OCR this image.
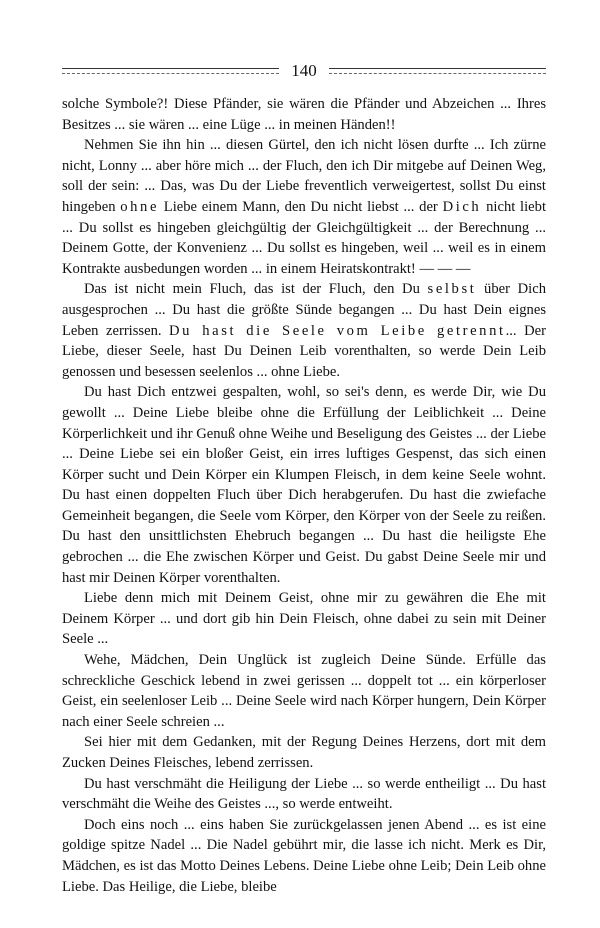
140

solche Symbole?! Diese Pfänder, sie wären die Pfänder und Abzeichen ... Ihres Besitzes ... sie wären ... eine Lüge ... in meinen Händen!!

Nehmen Sie ihn hin ... diesen Gürtel, den ich nicht lösen durfte ... Ich zürne nicht, Lonny ... aber höre mich ... der Fluch, den ich Dir mitgebe auf Deinen Weg, soll der sein: ... Das, was Du der Liebe freventlich verweigertest, sollst Du einst hingeben ohne Liebe einem Mann, den Du nicht liebst ... der Dich nicht liebt ... Du sollst es hingeben gleichgültig der Gleichgültigkeit ... der Berechnung ... Deinem Gotte, der Konvenienz ... Du sollst es hingeben, weil ... weil es in einem Kontrakte ausbedungen worden ... in einem Heiratskontrakt! — — —

Das ist nicht mein Fluch, das ist der Fluch, den Du selbst über Dich ausgesprochen ... Du hast die größte Sünde begangen ... Du hast Dein eignes Leben zerrissen. Du hast die Seele vom Leibe getrennt... Der Liebe, dieser Seele, hast Du Deinen Leib vorenthalten, so werde Dein Leib genossen und besessen seelenlos ... ohne Liebe.

Du hast Dich entzwei gespalten, wohl, so sei's denn, es werde Dir, wie Du gewollt ... Deine Liebe bleibe ohne die Erfüllung der Leiblichkeit ... Deine Körperlichkeit und ihr Genuß ohne Weihe und Beseligung des Geistes ... der Liebe ... Deine Liebe sei ein bloßer Geist, ein irres luftiges Gespenst, das sich einen Körper sucht und Dein Körper ein Klumpen Fleisch, in dem keine Seele wohnt. Du hast einen doppelten Fluch über Dich herabgerufen. Du hast die zwiefache Gemeinheit begangen, die Seele vom Körper, den Körper von der Seele zu reißen. Du hast den unsittlichsten Ehebruch begangen ... Du hast die heiligste Ehe gebrochen ... die Ehe zwischen Körper und Geist. Du gabst Deine Seele mir und hast mir Deinen Körper vorenthalten.

Liebe denn mich mit Deinem Geist, ohne mir zu gewähren die Ehe mit Deinem Körper ... und dort gib hin Dein Fleisch, ohne dabei zu sein mit Deiner Seele ...

Wehe, Mädchen, Dein Unglück ist zugleich Deine Sünde. Erfülle das schreckliche Geschick lebend in zwei gerissen ... doppelt tot ... ein körperloser Geist, ein seelenloser Leib ... Deine Seele wird nach Körper hungern, Dein Körper nach einer Seele schreien ...

Sei hier mit dem Gedanken, mit der Regung Deines Herzens, dort mit dem Zucken Deines Fleisches, lebend zerrissen.

Du hast verschmäht die Heiligung der Liebe ... so werde entheiligt ... Du hast verschmäht die Weihe des Geistes ..., so werde entweiht.

Doch eins noch ... eins haben Sie zurückgelassen jenen Abend ... es ist eine goldige spitze Nadel ... Die Nadel gebührt mir, die lasse ich nicht. Merk es Dir, Mädchen, es ist das Motto Deines Lebens. Deine Liebe ohne Leib; Dein Leib ohne Liebe. Das Heilige, die Liebe, bleibe
